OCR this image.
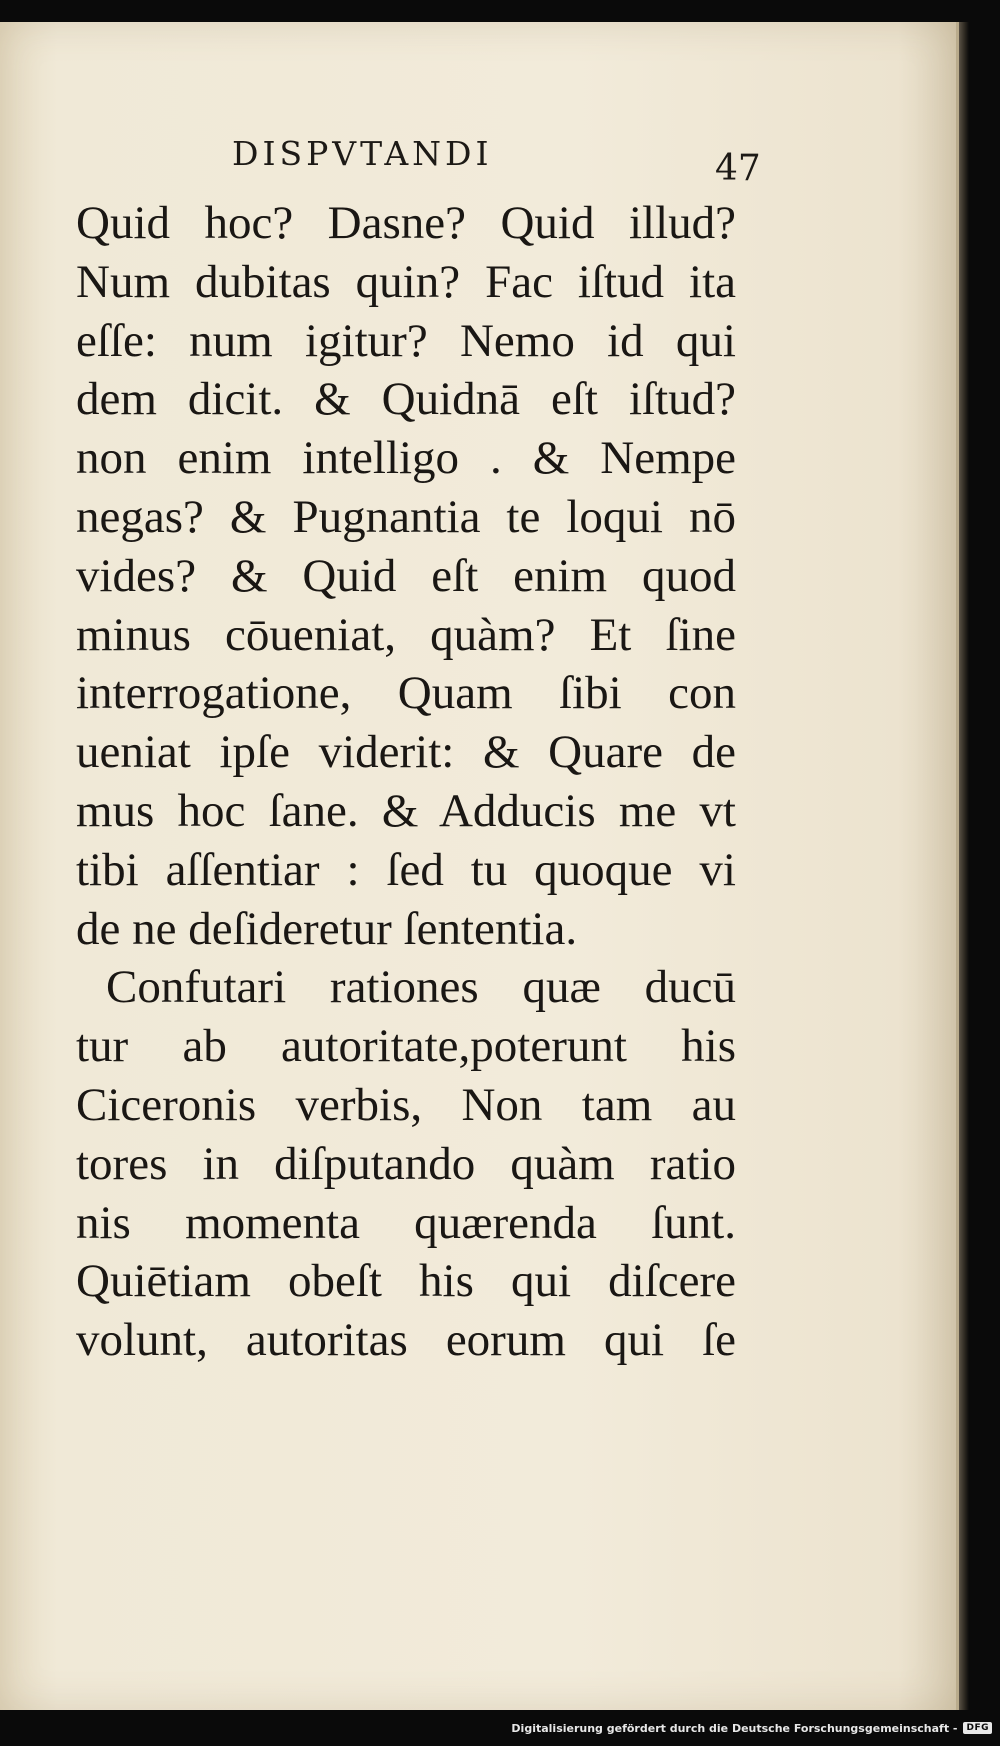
DISPVTANDI	47
Quid hoc? Dasne? Quid illud?
Num dubitas quin? Fac iſtud ita
eſſe: num igitur? Nemo id qui
dem dicit. & Quidnā eſt iſtud?
non enim intelligo . & Nempe
negas? & Pugnantia te loqui nō
vides? & Quid eſt enim quod
minus cōueniat, quàm? Et ſine
interrogatione, Quam ſibi con
ueniat ipſe viderit: & Quare de
mus hoc ſane. & Adducis me vt
tibi aſſentiar : ſed tu quoque vi
de ne deſideretur ſententia.
Confutari rationes quæ ducū
tur ab autoritate,poterunt his
Ciceronis verbis, Non tam au
tores in diſputando quàm ratio
nis momenta quærenda ſunt.
Quiētiam obeſt his qui diſcere
volunt, autoritas eorum qui ſe
Digitalisierung gefördert durch die Deutsche Forschungsgemeinschaft -	DFG
